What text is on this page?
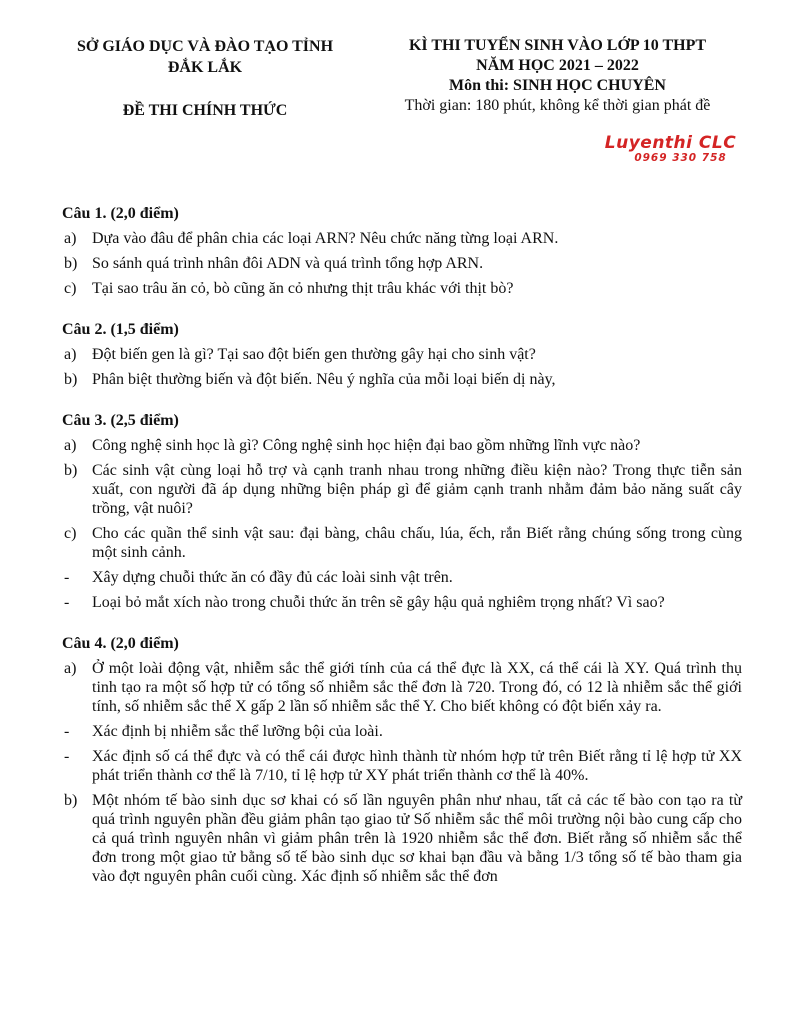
SỞ GIÁO DỤC VÀ ĐÀO TẠO TỈNH
ĐẮK LẮK
ĐỀ THI CHÍNH THỨC
KÌ THI TUYỂN SINH VÀO LỚP 10 THPT
NĂM HỌC 2021 – 2022
Môn thi: SINH HỌC CHUYÊN
Thời gian: 180 phút, không kể thời gian phát đề
Luyenthi CLC
0969 330 758
Câu 1. (2,0 điểm)
a) Dựa vào đâu để phân chia các loại ARN? Nêu chức năng từng loại ARN.
b) So sánh quá trình nhân đôi ADN và quá trình tổng hợp ARN.
c) Tại sao trâu ăn cỏ, bò cũng ăn cỏ nhưng thịt trâu khác với thịt bò?
Câu 2. (1,5 điểm)
a) Đột biến gen là gì? Tại sao đột biến gen thường gây hại cho sinh vật?
b) Phân biệt thường biến và đột biến. Nêu ý nghĩa của mỗi loại biến dị này,
Câu 3. (2,5 điểm)
a) Công nghệ sinh học là gì? Công nghệ sinh học hiện đại bao gồm những lĩnh vực nào?
b) Các sinh vật cùng loại hỗ trợ và cạnh tranh nhau trong những điều kiện nào? Trong thực tiễn sản xuất, con người đã áp dụng những biện pháp gì để giảm cạnh tranh nhằm đảm bảo năng suất cây trồng, vật nuôi?
c) Cho các quần thể sinh vật sau: đại bàng, châu chấu, lúa, ếch, rắn Biết rằng chúng sống trong cùng một sinh cảnh.
-	Xây dựng chuỗi thức ăn có đầy đủ các loài sinh vật trên.
-	Loại bỏ mắt xích nào trong chuỗi thức ăn trên sẽ gây hậu quả nghiêm trọng nhất? Vì sao?
Câu 4. (2,0 điểm)
a) Ở một loài động vật, nhiễm sắc thể giới tính của cá thể đực là XX, cá thể cái là XY. Quá trình thụ tinh tạo ra một số hợp tử có tổng số nhiễm sắc thể đơn là 720. Trong đó, có 12 là nhiễm sắc thể giới tính, số nhiễm sắc thể X gấp 2 lần số nhiễm sắc thể Y. Cho biết không có đột biến xảy ra.
-	Xác định bị nhiễm sắc thể lưỡng bội của loài.
-	Xác định số cá thể đực và có thể cái được hình thành từ nhóm hợp tử trên Biết rằng tỉ lệ hợp tử XX phát triển thành cơ thể là 7/10, tỉ lệ hợp tử XY phát triển thành cơ thể là 40%.
b) Một nhóm tế bào sinh dục sơ khai có số lần nguyên phân như nhau, tất cả các tế bào con tạo ra từ quá trình nguyên phần đều giảm phân tạo giao tử Số nhiễm sắc thể môi trường nội bào cung cấp cho cả quá trình nguyên nhân vì giảm phân trên là 1920 nhiễm sắc thể đơn. Biết rằng số nhiễm sắc thể đơn trong một giao tử bằng số tế bào sinh dục sơ khai bạn đầu và bằng 1/3 tổng số tế bào tham gia vào đợt nguyên phân cuối cùng. Xác định số nhiễm sắc thể đơn
